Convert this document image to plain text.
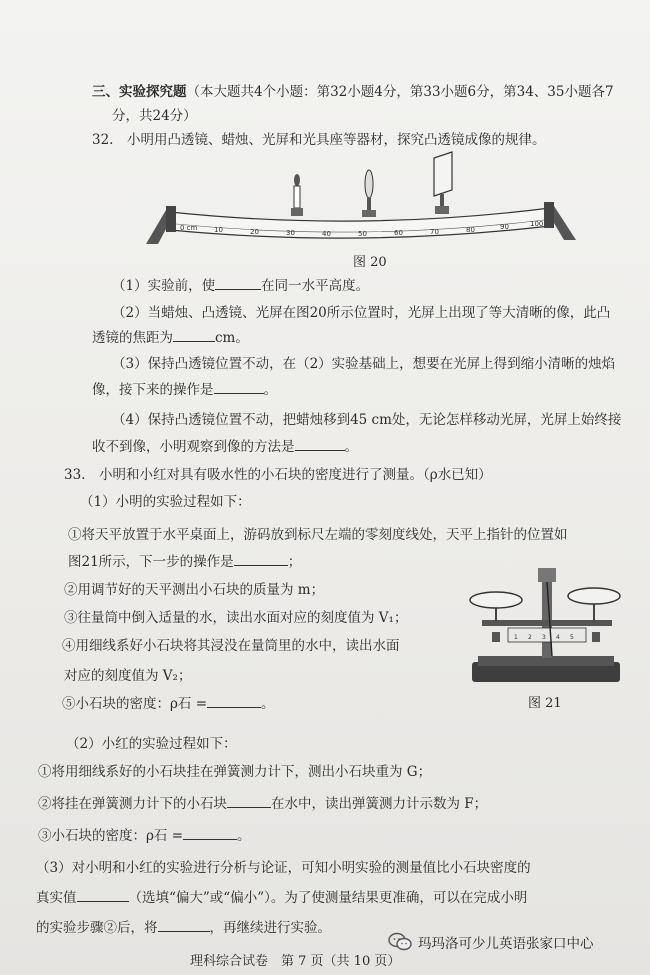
三、实验探究题（本大题共4个小题：第32小题4分，第33小题6分，第34、35小题各7
分，共24分）
32.　小明用凸透镜、蜡烛、光屏和光具座等器材，探究凸透镜成像的规律。
0 cm 10	20	30	40	50	60	70	80	90	100
图 20
（1）实验前，使	在同一水平高度。
（2）当蜡烛、凸透镜、光屏在图20所示位置时，光屏上出现了等大清晰的像，此凸
透镜的焦距为	cm。
（3）保持凸透镜位置不动，在（2）实验基础上，想要在光屏上得到缩小清晰的烛焰
像，接下来的操作是	。
（4）保持凸透镜位置不动，把蜡烛移到45 cm处，无论怎样移动光屏，光屏上始终接
收不到像，小明观察到像的方法是	。
33.　小明和小红对具有吸水性的小石块的密度进行了测量。（ρ水已知）
（1）小明的实验过程如下：
①将天平放置于水平桌面上，游码放到标尺左端的零刻度线处，天平上指针的位置如
图21所示，下一步的操作是	；
②用调节好的天平测出小石块的质量为 m；
③往量筒中倒入适量的水，读出水面对应的刻度值为 V₁；
④用细线系好小石块将其浸没在量筒里的水中，读出水面
对应的刻度值为 V₂；
⑤小石块的密度：ρ石 =	。
1 2 3 4 5
图 21
（2）小红的实验过程如下：
①将用细线系好的小石块挂在弹簧测力计下，测出小石块重为 G；
②将挂在弹簧测力计下的小石块	在水中，读出弹簧测力计示数为 F；
③小石块的密度：ρ石 =	。
（3）对小明和小红的实验进行分析与论证，可知小明实验的测量值比小石块密度的
真实值	（选填“偏大”或“偏小”）。为了使测量结果更准确，可以在完成小明
的实验步骤②后，将	，再继续进行实验。
理科综合试卷　第 7 页（共 10 页）
玛玛洛可少儿英语张家口中心
